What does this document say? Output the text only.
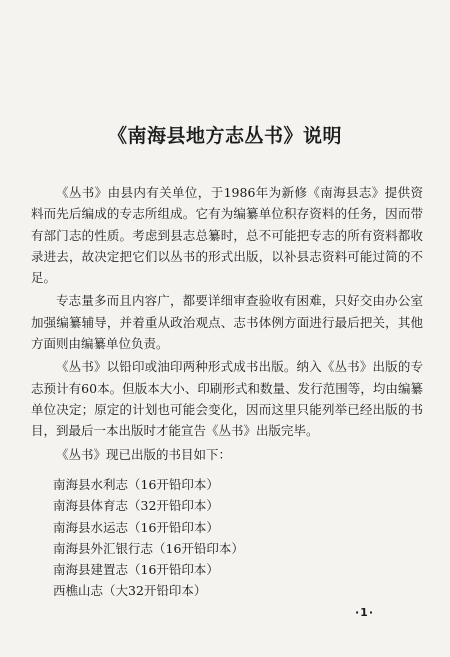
《南海县地方志丛书》说明

《丛书》由县内有关单位，于1986年为新修《南海县志》提供资料而先后编成的专志所组成。它有为编纂单位积存资料的任务，因而带有部门志的性质。考虑到县志总纂时，总不可能把专志的所有资料都收录进去，故决定把它们以丛书的形式出版，以补县志资料可能过简的不足。

专志量多而且内容广，都要详细审查验收有困难，只好交由办公室加强编纂辅导，并着重从政治观点、志书体例方面进行最后把关，其他方面则由编纂单位负责。

《丛书》以铅印或油印两种形式成书出版。纳入《丛书》出版的专志预计有60本。但版本大小、印刷形式和数量、发行范围等，均由编纂单位决定；原定的计划也可能会变化，因而这里只能列举已经出版的书目，到最后一本出版时才能宣告《丛书》出版完毕。

《丛书》现已出版的书目如下：

南海县水利志（16开铅印本）

南海县体育志（32开铅印本）

南海县水运志（16开铅印本）

南海县外汇银行志（16开铅印本）

南海县建置志（16开铅印本）

西樵山志（大32开铅印本）

·1·
